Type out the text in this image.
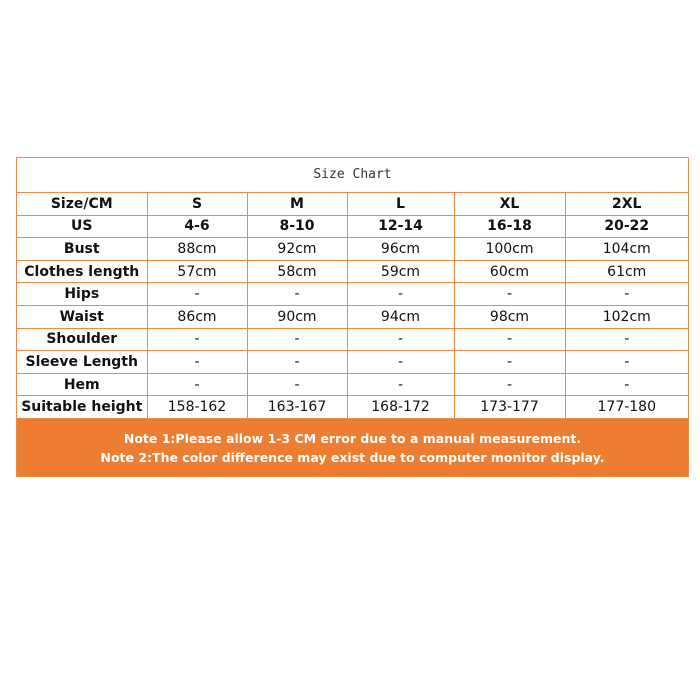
Size Chart
Size/CM	S	M	L	XL	2XL
US	4-6	8-10	12-14	16-18	20-22
Bust	88cm	92cm	96cm	100cm	104cm
Clothes length	57cm	58cm	59cm	60cm	61cm
Hips	-	-	-	-	-
Waist	86cm	90cm	94cm	98cm	102cm
Shoulder	-	-	-	-	-
Sleeve Length	-	-	-	-	-
Hem	-	-	-	-	-
Suitable height	158-162	163-167	168-172	173-177	177-180
Note 1:Please allow 1-3 CM error due to a manual measurement.
Note 2:The color difference may exist due to computer monitor display.
